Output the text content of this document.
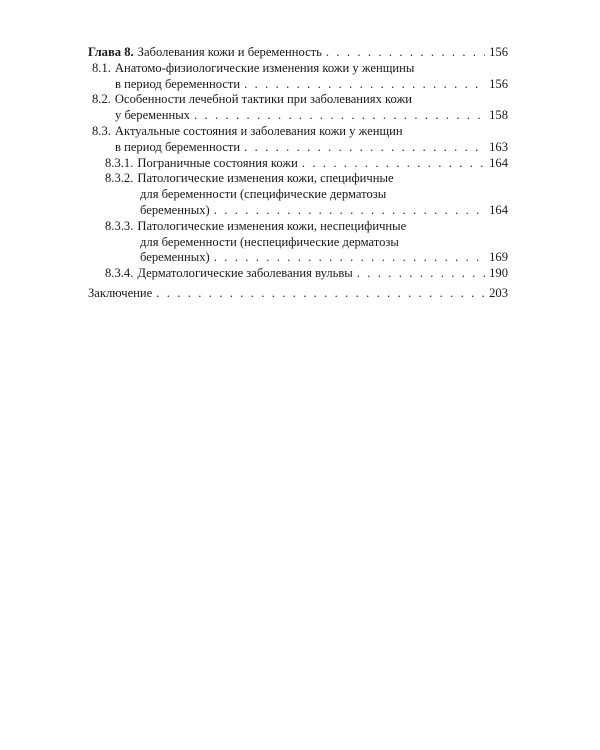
Глава 8. Заболевания кожи и беременность . . .	156
8.1. Анатомо-физиологические изменения кожи у женщины
в период беременности . . .	156
8.2. Особенности лечебной тактики при заболеваниях кожи
у беременных . . .	158
8.3. Актуальные состояния и заболевания кожи у женщин
в период беременности . . .	163
8.3.1. Пограничные состояния кожи . . .	164
8.3.2. Патологические изменения кожи, специфичные
для беременности (специфические дерматозы
беременных) . . .	164
8.3.3. Патологические изменения кожи, неспецифичные
для беременности (неспецифические дерматозы
беременных) . . .	169
8.3.4. Дерматологические заболевания вульвы . . .	190
Заключение . . .	203
